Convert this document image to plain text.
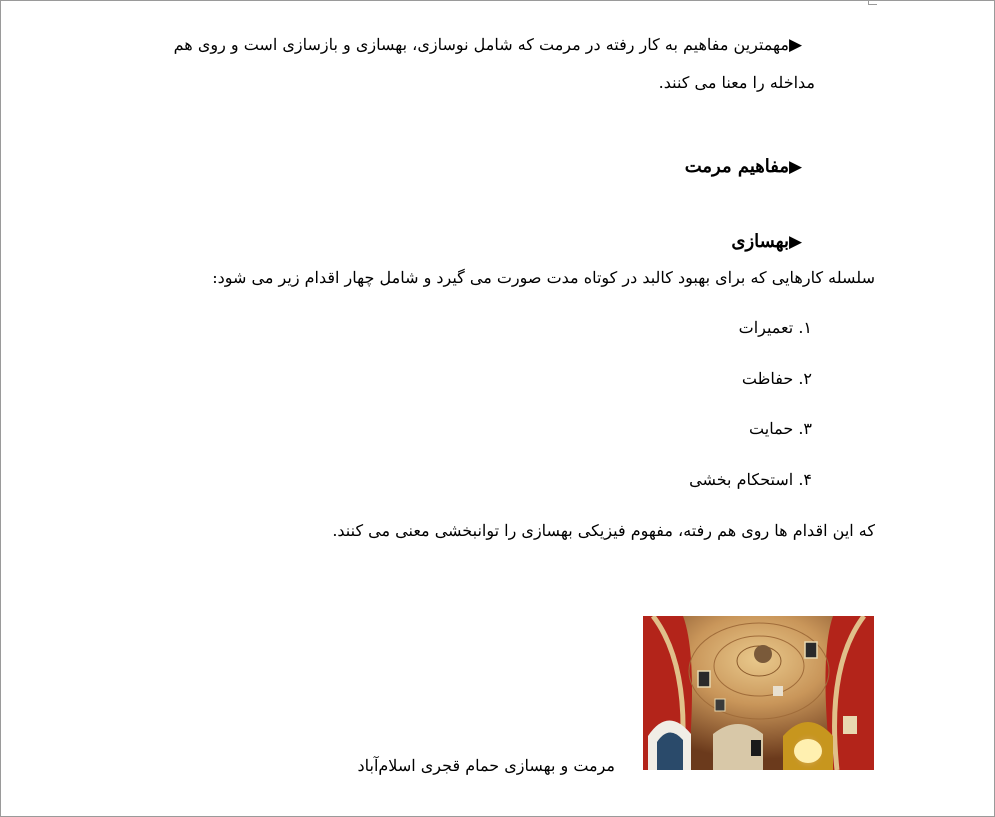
▶مهمترین مفاهیم به کار رفته در مرمت که شامل نوسازی، بهسازی و بازسازی است و روی هم
مداخله را معنا می کنند.
▶مفاهیم مرمت
▶بهسازی
سلسله کارهایی که برای بهبود کالبد در کوتاه مدت صورت می گیرد و شامل چهار اقدام زیر می شود:
۱. تعمیرات
۲. حفاظت
۳. حمایت
۴. استحکام بخشی
که این اقدام ها روی هم رفته، مفهوم فیزیکی بهسازی را توانبخشی معنی می کنند.
مرمت و بهسازی حمام قجری اسلام‌آباد
